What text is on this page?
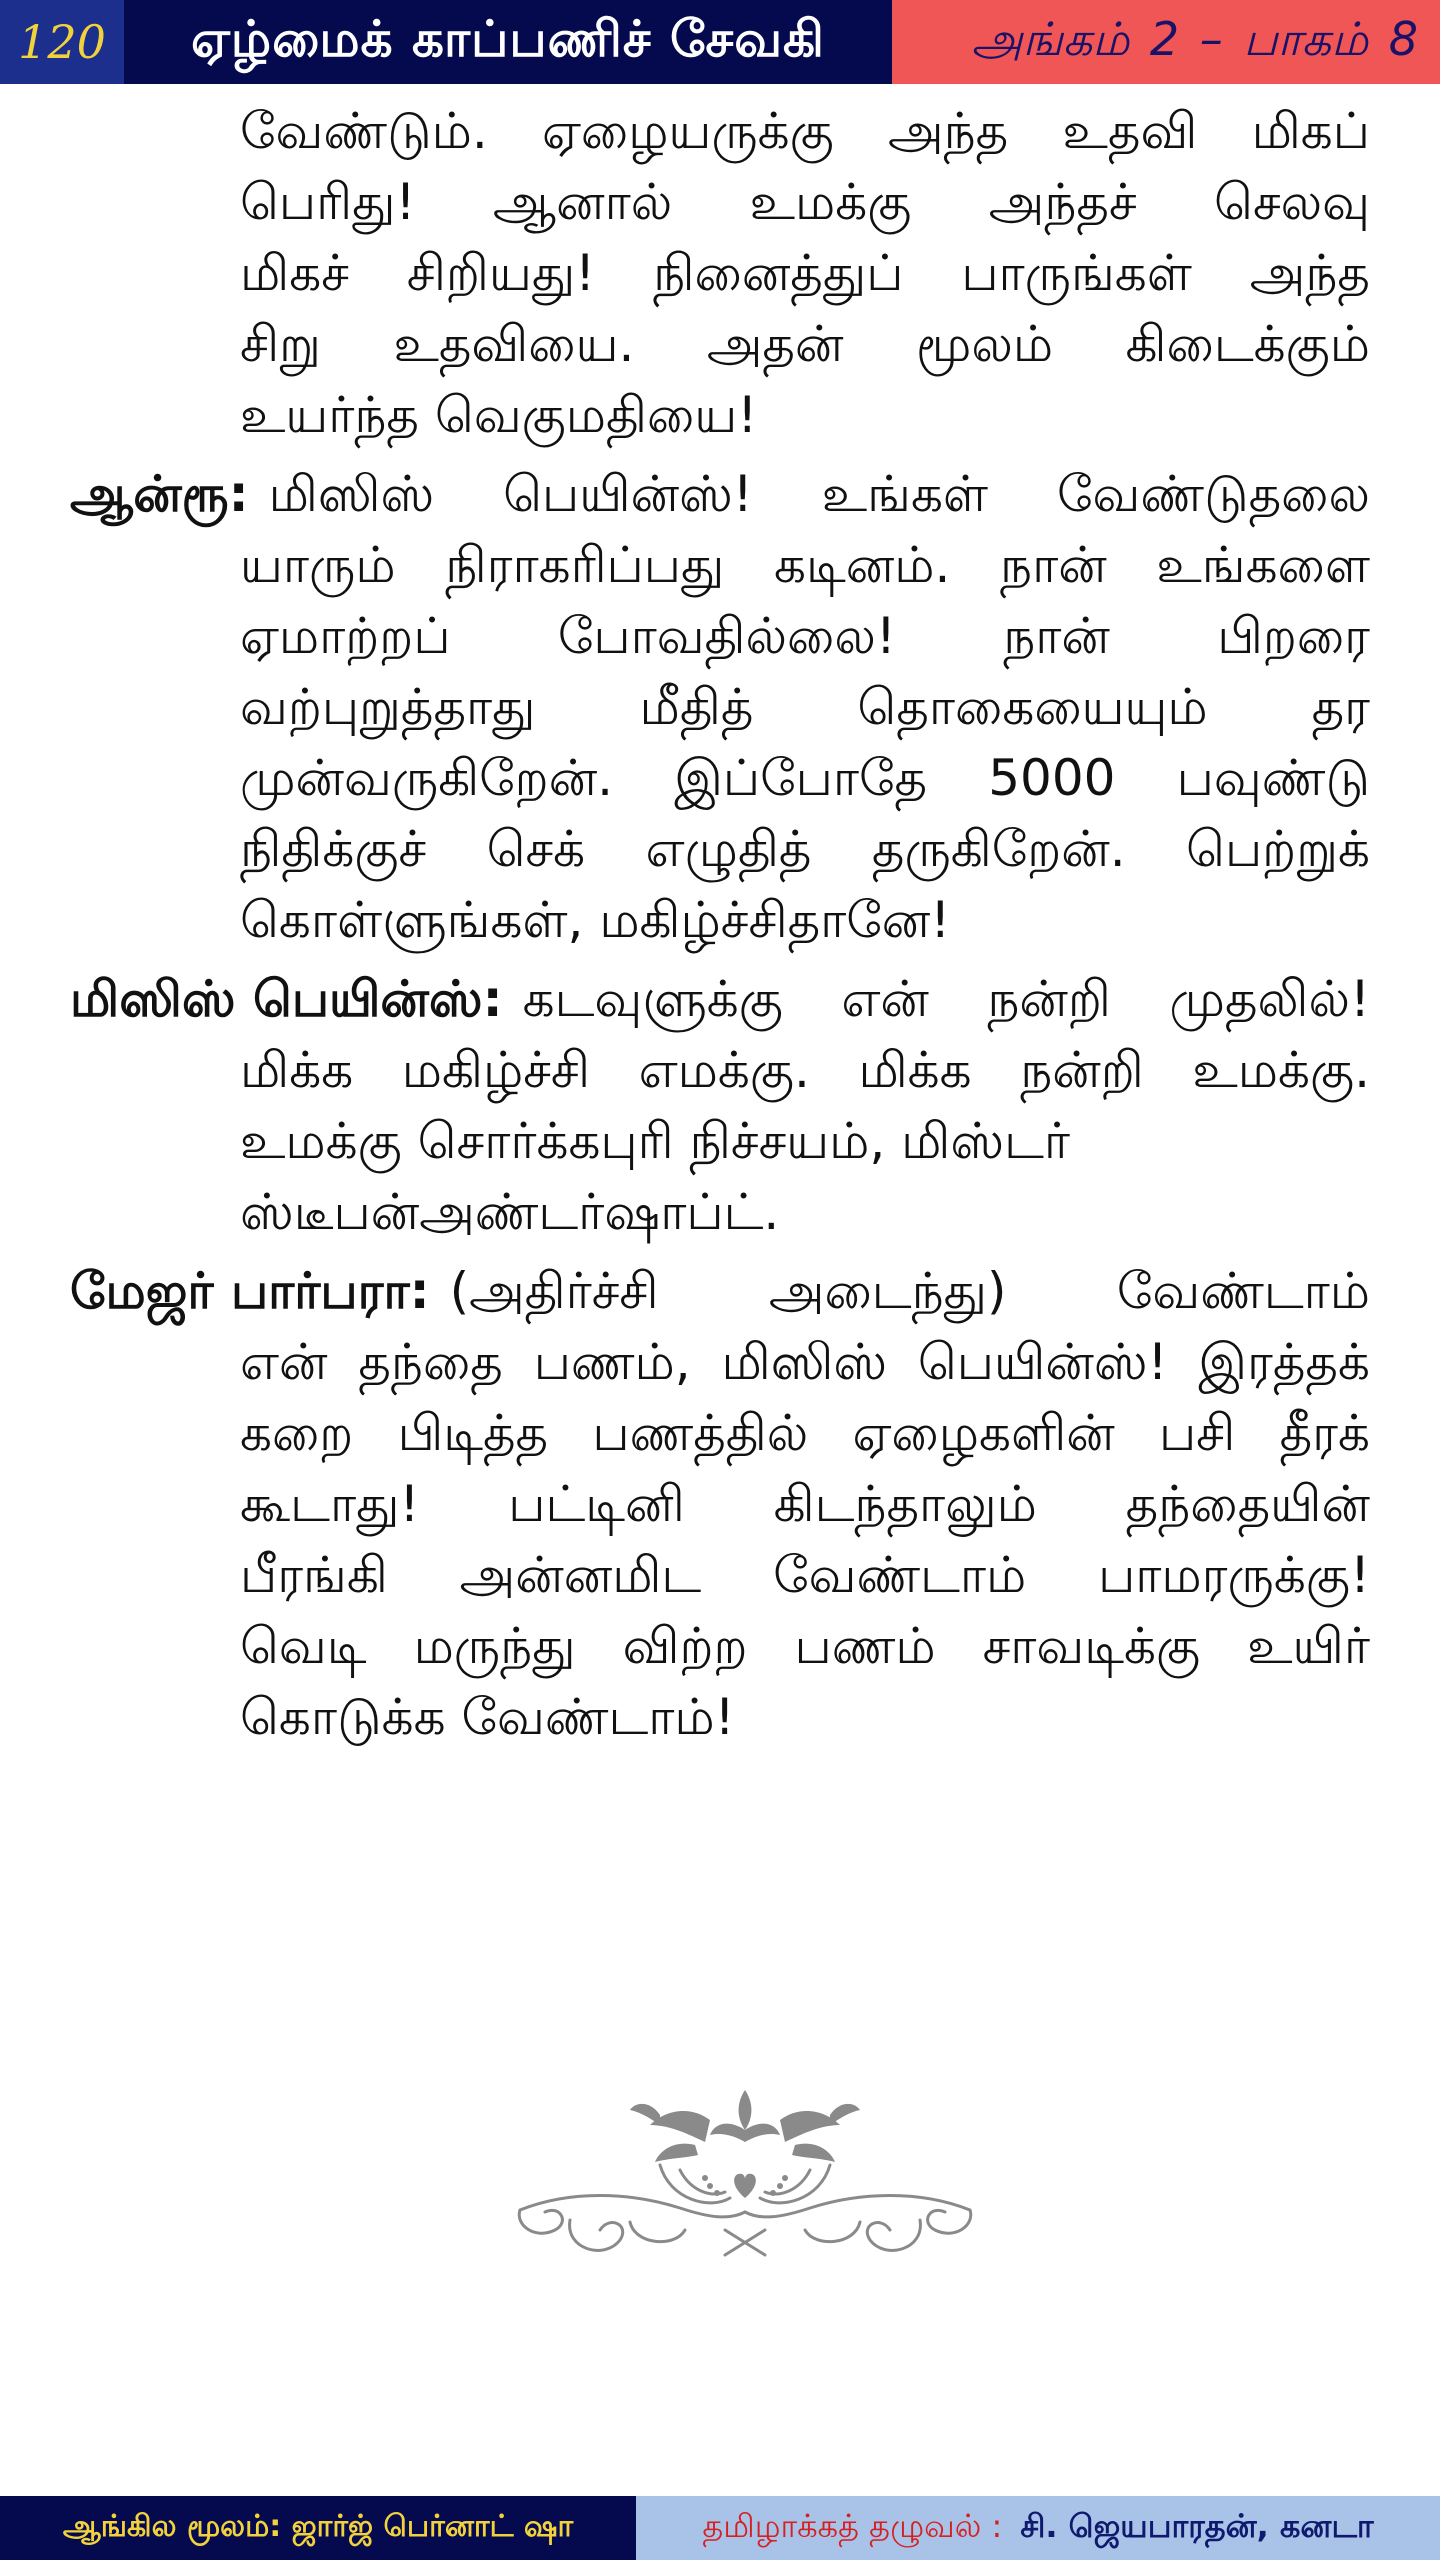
120	ஏழ்மைக் காப்பணிச் சேவகி	அங்கம் 2 – பாகம் 8
வேண்டும். ஏழையருக்கு அந்த உதவி மிகப்
பெரிது! ஆனால் உமக்கு அந்தச் செலவு
மிகச் சிறியது! நினைத்துப் பாருங்கள் அந்த
சிறு உதவியை. அதன் மூலம் கிடைக்கும்
உயர்ந்த வெகுமதியை!
ஆன்ரூ: மிஸிஸ் பெயின்ஸ்! உங்கள் வேண்டுதலை
யாரும் நிராகரிப்பது கடினம். நான் உங்களை
ஏமாற்றப் போவதில்லை! நான் பிறரை
வற்புறுத்தாது மீதித் தொகையையும் தர
முன்வருகிறேன். இப்போதே 5000 பவுண்டு
நிதிக்குச் செக் எழுதித் தருகிறேன். பெற்றுக்
கொள்ளுங்கள், மகிழ்ச்சிதானே!
மிஸிஸ் பெயின்ஸ்: கடவுளுக்கு என் நன்றி முதலில்!
மிக்க மகிழ்ச்சி எமக்கு. மிக்க நன்றி உமக்கு.
உமக்கு சொர்க்கபுரி நிச்சயம், மிஸ்டர்
ஸ்டீபன்அண்டர்ஷாப்ட்.
மேஜர் பார்பரா: (அதிர்ச்சி அடைந்து) வேண்டாம்
என் தந்தை பணம், மிஸிஸ் பெயின்ஸ்! இரத்தக்
கறை பிடித்த பணத்தில் ஏழைகளின் பசி தீரக்
கூடாது! பட்டினி கிடந்தாலும் தந்தையின்
பீரங்கி அன்னமிட வேண்டாம் பாமரருக்கு!
வெடி மருந்து விற்ற பணம் சாவடிக்கு உயிர்
கொடுக்க வேண்டாம்!
ஆங்கில மூலம்: ஜார்ஜ் பெர்னாட் ஷா	தமிழாக்கத் தழுவல் : சி. ஜெயபாரதன், கனடா
